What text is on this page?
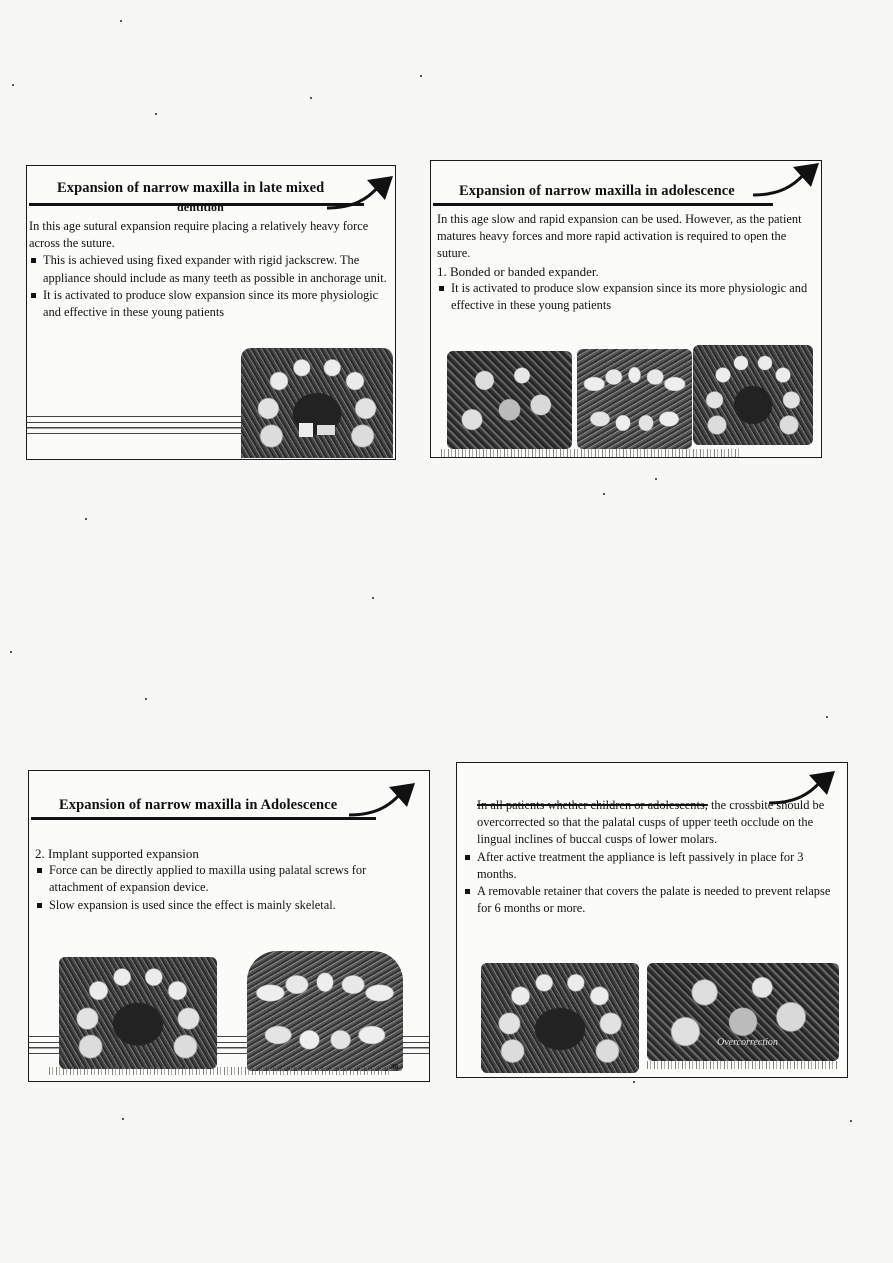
Expansion of narrow maxilla in late mixed
dentition

In this age sutural expansion require placing a relatively heavy force across the suture.

This is achieved using fixed expander with rigid jackscrew. The appliance should include as many teeth as possible in anchorage unit.

It is activated to produce slow expansion since its more physiologic and effective in these young patients

Expansion of narrow maxilla in adolescence

In this age slow and rapid expansion can be used. However, as the patient matures heavy forces and more rapid activation is required to open the suture.

1. Bonded or banded expander.

It is activated to produce slow expansion since its more physiologic and effective in these young patients

Expansion of narrow maxilla in Adolescence

2. Implant supported expansion

Force can be directly applied to maxilla using palatal screws for attachment of expansion device.

Slow expansion is used since the effect is mainly skeletal.

30

In all patients whether children or adolescents, the crossbite should be overcorrected so that the palatal cusps of upper teeth occlude on the lingual inclines of buccal cusps of lower molars.

After active treatment the appliance is left passively in place for 3 months.

A removable retainer that covers the palate is needed to prevent relapse for 6 months or more.

Overcorrection
